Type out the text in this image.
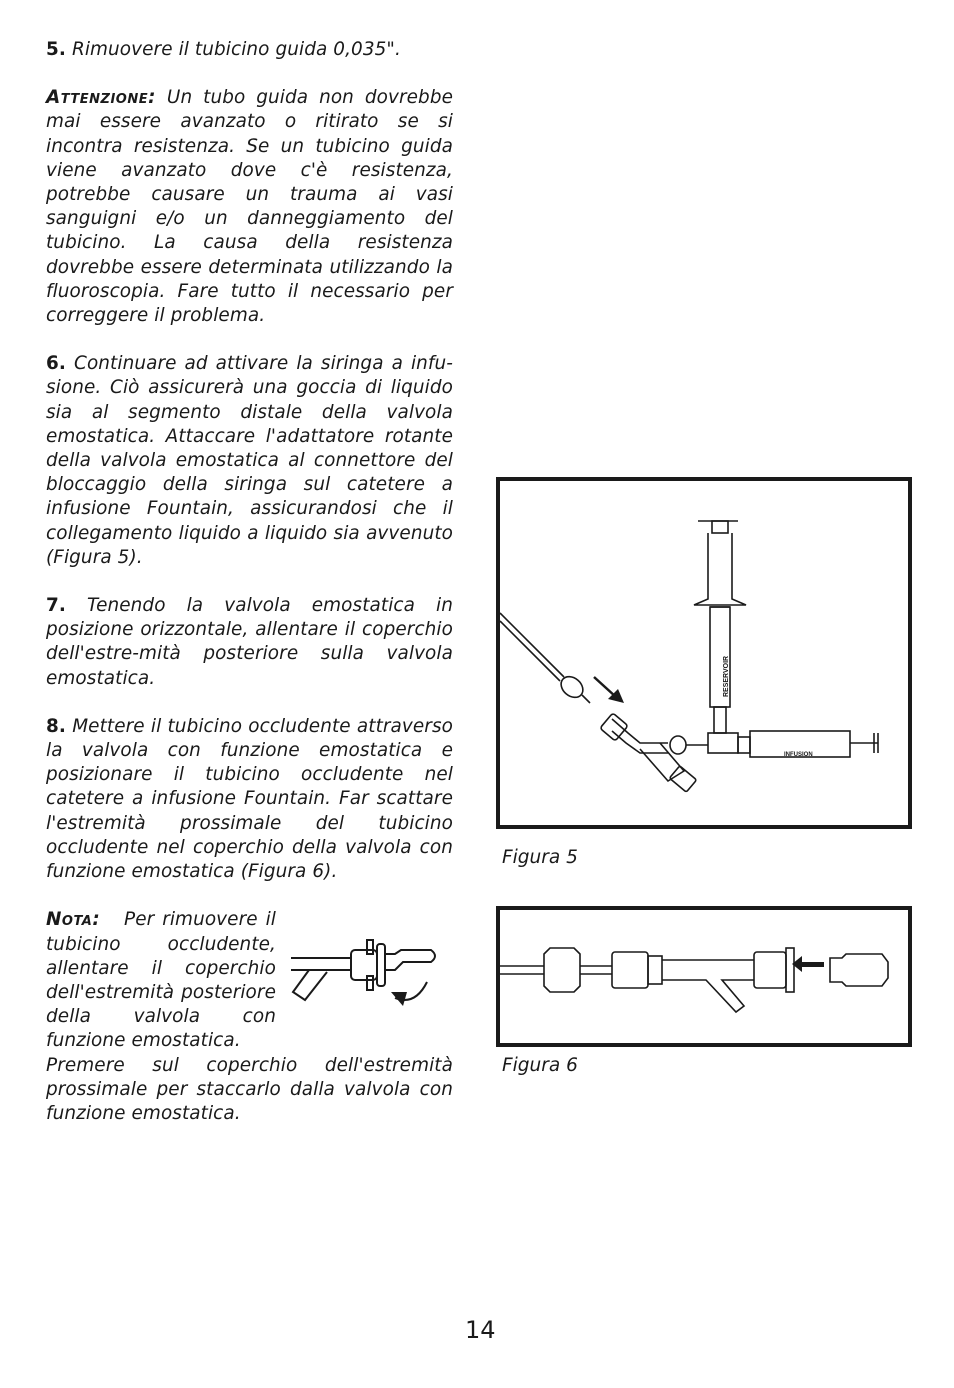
5. Rimuovere il tubicino guida 0,035".

Attenzione: Un tubo guida non dovrebbe mai essere avanzato o ritirato se si incontra resistenza. Se un tubicino guida viene avanzato dove c'è resistenza, potrebbe causare un trauma ai vasi sanguigni e/o un danneggiamento del tubicino. La causa della resistenza dovrebbe essere determinata utilizzando la fluoroscopia. Fare tutto il necessario per correggere il problema.

6. Continuare ad attivare la siringa a infu-sione. Ciò assicurerà una goccia di liquido sia al segmento distale della valvola emostatica. Attaccare l'adattatore rotante della valvola emostatica al connettore del bloccaggio della siringa sul catetere a infusione Fountain, assicurandosi che il collegamento liquido a liquido sia avvenuto (Figura 5).

7. Tenendo la valvola emostatica in posizione orizzontale, allentare il coperchio dell'estre-mità posteriore sulla valvola emostatica.

8. Mettere il tubicino occludente attraverso la valvola con funzione emostatica e posizionare il tubicino occludente nel catetere a infusione Fountain. Far scattare l'estremità prossimale del tubicino occludente nel coperchio della valvola con funzione emostatica (Figura 6).

Nota: Per rimuovere il tubicino occludente, allentare il coperchio dell'estremità posteriore della valvola con funzione emostatica.
Premere sul coperchio dell'estremità prossimale per staccarlo dalla valvola con funzione emostatica.
RESERVOIR
INFUSION
Figura 5
Figura 6
14
